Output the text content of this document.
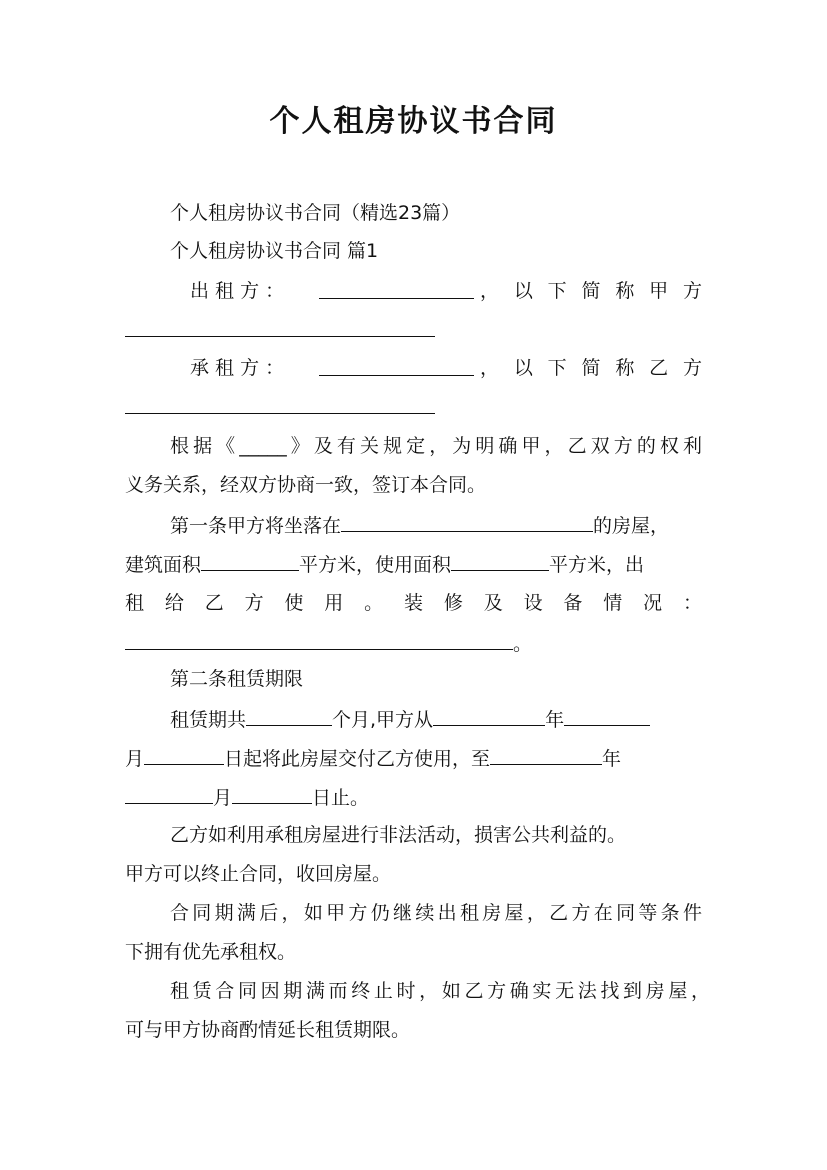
个人租房协议书合同
个人租房协议书合同（精选23篇）
个人租房协议书合同 篇1
出 租 方 ：	， 以 下 简 称 甲 方
承 租 方 ：	， 以 下 简 称 乙 方
根据《_____》及有关规定，为明确甲，乙双方的权利
义务关系，经双方协商一致，签订本合同。
第一条甲方将坐落在	的房屋，
建筑面积	平方米，使用面积	平方米，出
租 给 乙 方 使 用 。 装 修 及 设 备 情 况 ：
。
第二条租赁期限
租赁期共	个月,甲方从	年
月	日起将此房屋交付乙方使用，至	年
月	日止。
乙方如利用承租房屋进行非法活动，损害公共利益的。
甲方可以终止合同，收回房屋。
合同期满后，如甲方仍继续出租房屋，乙方在同等条件
下拥有优先承租权。
租赁合同因期满而终止时，如乙方确实无法找到房屋，
可与甲方协商酌情延长租赁期限。
